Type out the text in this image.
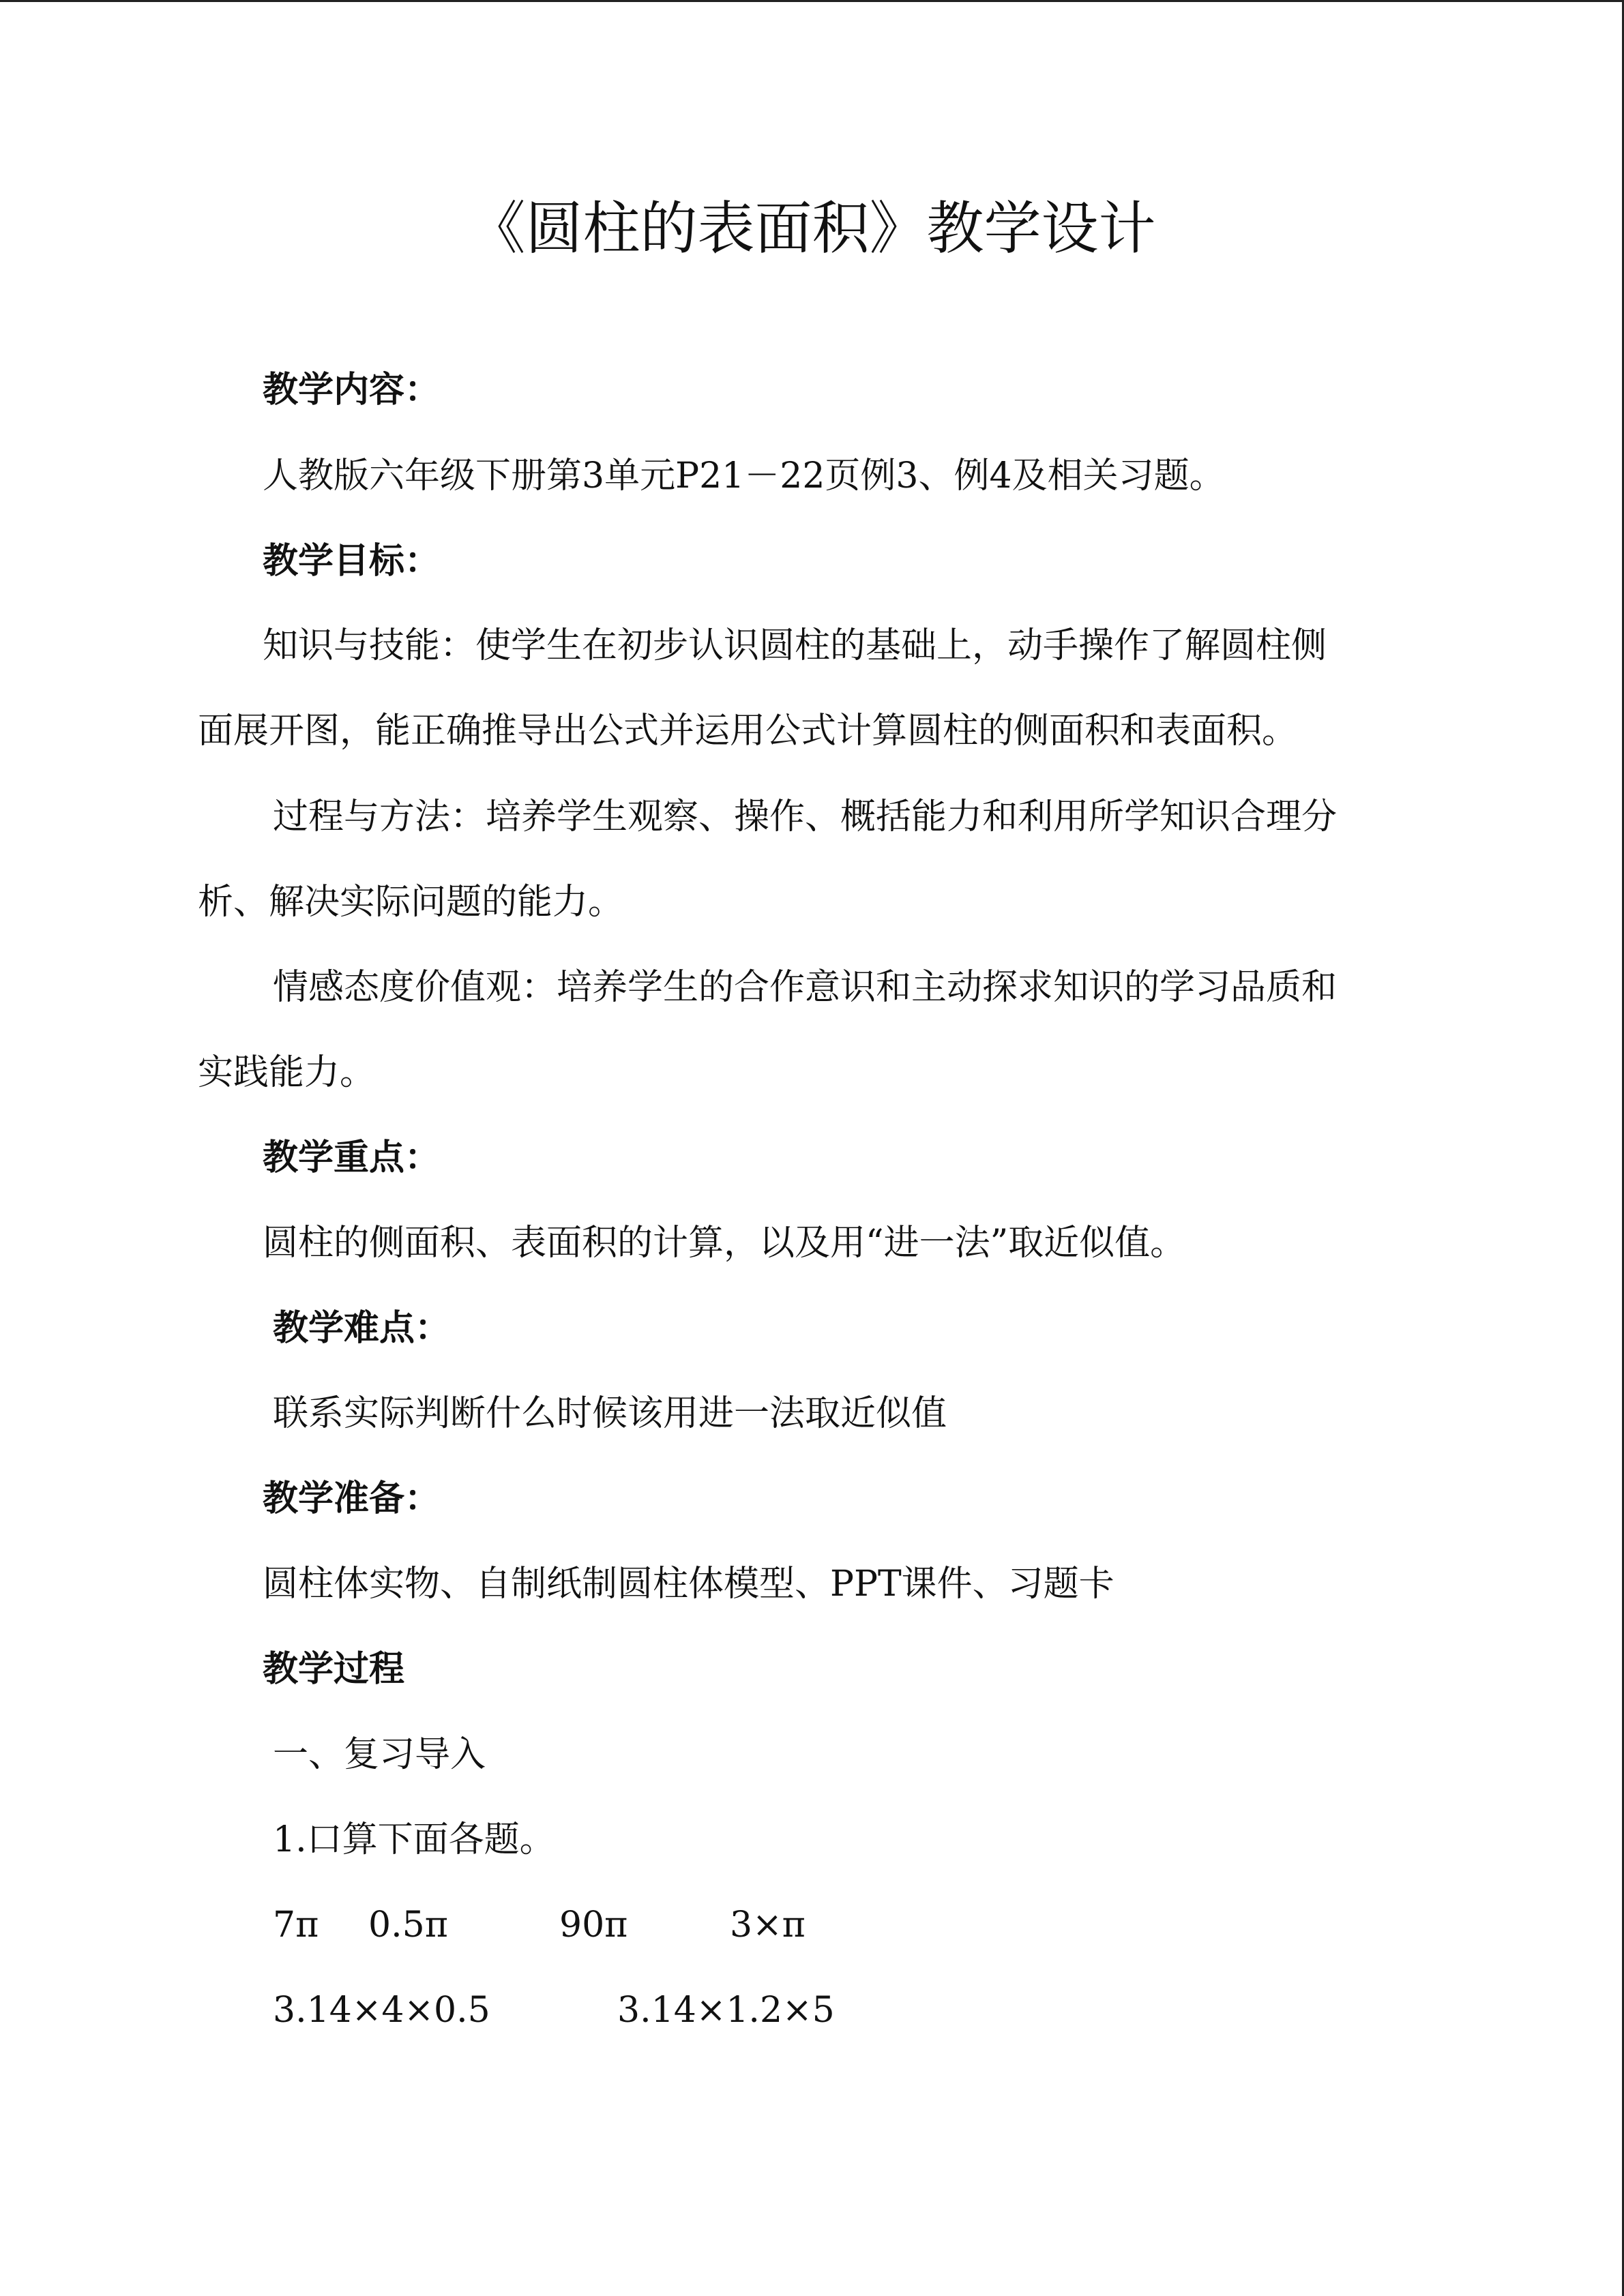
《圆柱的表面积》教学设计
教学内容：
人教版六年级下册第3单元P21－22页例3、例4及相关习题。
教学目标：
知识与技能：使学生在初步认识圆柱的基础上，动手操作了解圆柱侧
面展开图，能正确推导出公式并运用公式计算圆柱的侧面积和表面积。
过程与方法：培养学生观察、操作、概括能力和利用所学知识合理分
析、解决实际问题的能力。
情感态度价值观：培养学生的合作意识和主动探求知识的学习品质和
实践能力。
教学重点：
圆柱的侧面积、表面积的计算，以及用“进一法”取近似值。
教学难点：
联系实际判断什么时候该用进一法取近似值
教学准备：
圆柱体实物、自制纸制圆柱体模型、PPT课件、习题卡
教学过程
一、复习导入
1.口算下面各题。
7π 0.5π	90π	3×π
3.14×4×0.5	3.14×1.2×5
